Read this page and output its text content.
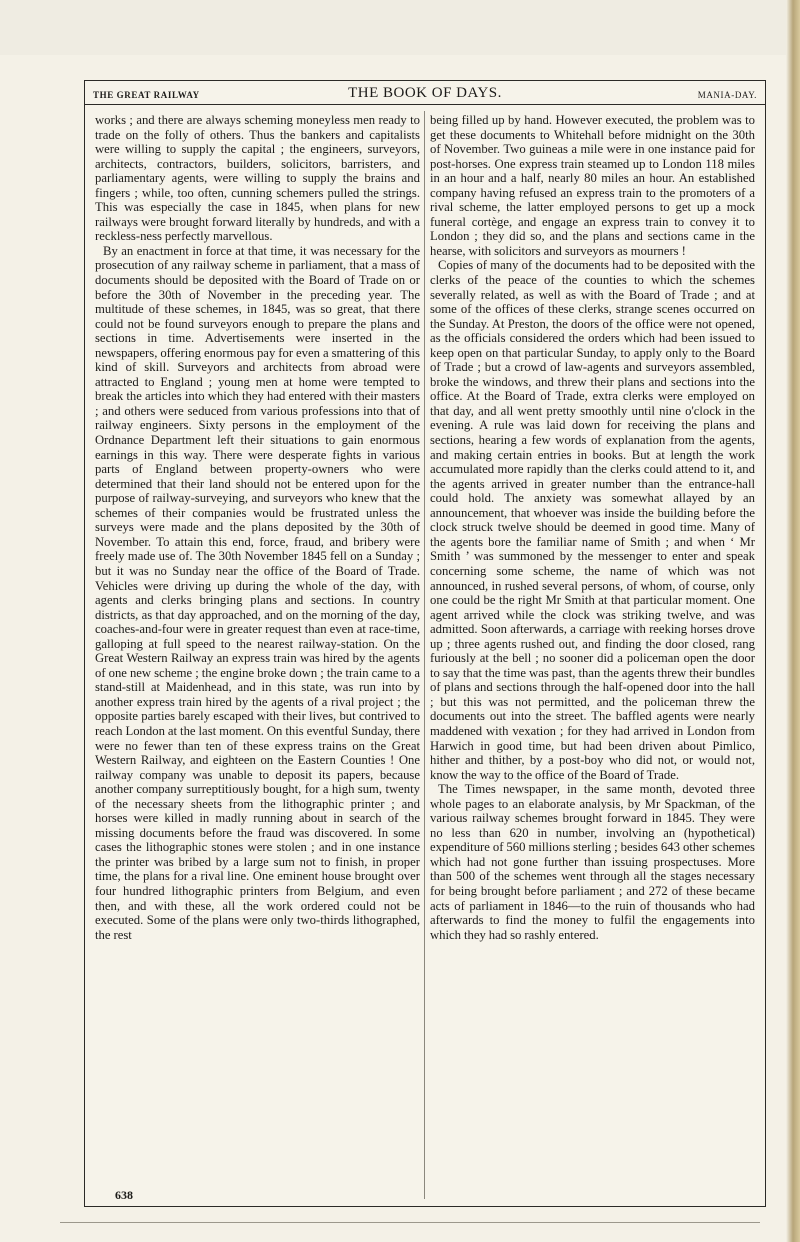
THE GREAT RAILWAY	THE BOOK OF DAYS.	MANIA-DAY.

works ; and there are always scheming moneyless men ready to trade on the folly of others. Thus the bankers and capitalists were willing to supply the capital ; the engineers, surveyors, architects, contractors, builders, solicitors, barristers, and parliamentary agents, were willing to supply the brains and fingers ; while, too often, cunning schemers pulled the strings. This was especially the case in 1845, when plans for new railways were brought forward literally by hundreds, and with a reckless-ness perfectly marvellous.

By an enactment in force at that time, it was necessary for the prosecution of any railway scheme in parliament, that a mass of documents should be deposited with the Board of Trade on or before the 30th of November in the preceding year. The multitude of these schemes, in 1845, was so great, that there could not be found surveyors enough to prepare the plans and sections in time. Advertisements were inserted in the newspapers, offering enormous pay for even a smattering of this kind of skill. Surveyors and architects from abroad were attracted to England ; young men at home were tempted to break the articles into which they had entered with their masters ; and others were seduced from various professions into that of railway engineers. Sixty persons in the employment of the Ordnance Department left their situations to gain enormous earnings in this way. There were desperate fights in various parts of England between property-owners who were determined that their land should not be entered upon for the purpose of railway-surveying, and surveyors who knew that the schemes of their companies would be frustrated unless the surveys were made and the plans deposited by the 30th of November. To attain this end, force, fraud, and bribery were freely made use of. The 30th November 1845 fell on a Sunday ; but it was no Sunday near the office of the Board of Trade. Vehicles were driving up during the whole of the day, with agents and clerks bringing plans and sections. In country districts, as that day approached, and on the morning of the day, coaches-and-four were in greater request than even at race-time, galloping at full speed to the nearest railway-station. On the Great Western Railway an express train was hired by the agents of one new scheme ; the engine broke down ; the train came to a stand-still at Maidenhead, and in this state, was run into by another express train hired by the agents of a rival project ; the opposite parties barely escaped with their lives, but contrived to reach London at the last moment. On this eventful Sunday, there were no fewer than ten of these express trains on the Great Western Railway, and eighteen on the Eastern Counties ! One railway company was unable to deposit its papers, because another company surreptitiously bought, for a high sum, twenty of the necessary sheets from the lithographic printer ; and horses were killed in madly running about in search of the missing documents before the fraud was discovered. In some cases the lithographic stones were stolen ; and in one instance the printer was bribed by a large sum not to finish, in proper time, the plans for a rival line. One eminent house brought over four hundred lithographic printers from Belgium, and even then, and with these, all the work ordered could not be executed. Some of the plans were only two-thirds lithographed, the rest

being filled up by hand. However executed, the problem was to get these documents to Whitehall before midnight on the 30th of November. Two guineas a mile were in one instance paid for post-horses. One express train steamed up to London 118 miles in an hour and a half, nearly 80 miles an hour. An established company having refused an express train to the promoters of a rival scheme, the latter employed persons to get up a mock funeral cortège, and engage an express train to convey it to London ; they did so, and the plans and sections came in the hearse, with solicitors and surveyors as mourners !

Copies of many of the documents had to be deposited with the clerks of the peace of the counties to which the schemes severally related, as well as with the Board of Trade ; and at some of the offices of these clerks, strange scenes occurred on the Sunday. At Preston, the doors of the office were not opened, as the officials considered the orders which had been issued to keep open on that particular Sunday, to apply only to the Board of Trade ; but a crowd of law-agents and surveyors assembled, broke the windows, and threw their plans and sections into the office. At the Board of Trade, extra clerks were employed on that day, and all went pretty smoothly until nine o'clock in the evening. A rule was laid down for receiving the plans and sections, hearing a few words of explanation from the agents, and making certain entries in books. But at length the work accumulated more rapidly than the clerks could attend to it, and the agents arrived in greater number than the entrance-hall could hold. The anxiety was somewhat allayed by an announcement, that whoever was inside the building before the clock struck twelve should be deemed in good time. Many of the agents bore the familiar name of Smith ; and when ‘ Mr Smith ’ was summoned by the messenger to enter and speak concerning some scheme, the name of which was not announced, in rushed several persons, of whom, of course, only one could be the right Mr Smith at that particular moment. One agent arrived while the clock was striking twelve, and was admitted. Soon afterwards, a carriage with reeking horses drove up ; three agents rushed out, and finding the door closed, rang furiously at the bell ; no sooner did a policeman open the door to say that the time was past, than the agents threw their bundles of plans and sections through the half-opened door into the hall ; but this was not permitted, and the policeman threw the documents out into the street. The baffled agents were nearly maddened with vexation ; for they had arrived in London from Harwich in good time, but had been driven about Pimlico, hither and thither, by a post-boy who did not, or would not, know the way to the office of the Board of Trade.

The Times newspaper, in the same month, devoted three whole pages to an elaborate analysis, by Mr Spackman, of the various railway schemes brought forward in 1845. They were no less than 620 in number, involving an (hypothetical) expenditure of 560 millions sterling ; besides 643 other schemes which had not gone further than issuing prospectuses. More than 500 of the schemes went through all the stages necessary for being brought before parliament ; and 272 of these became acts of parliament in 1846—to the ruin of thousands who had afterwards to find the money to fulfil the engagements into which they had so rashly entered.

638
